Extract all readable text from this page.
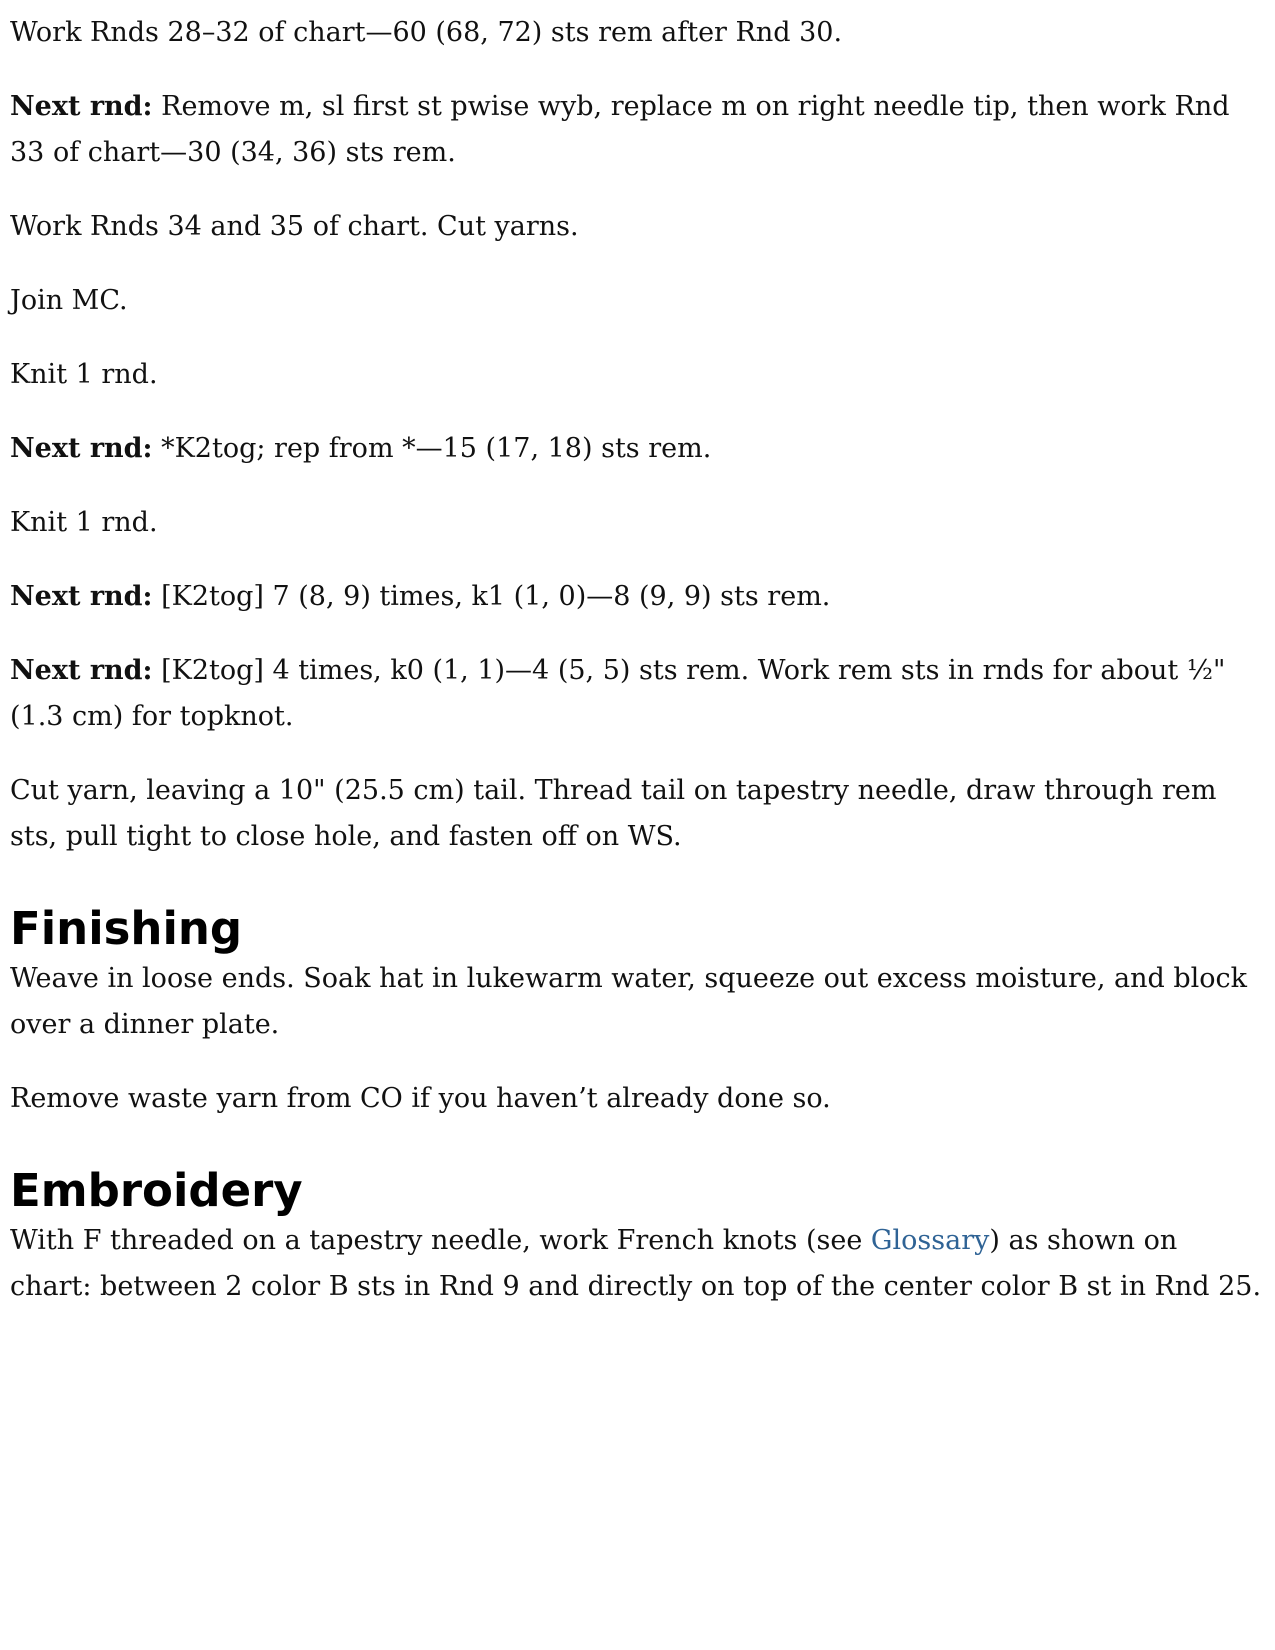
Work Rnds 28–32 of chart—60 (68, 72) sts rem after Rnd 30.

Next rnd: Remove m, sl first st pwise wyb, replace m on right needle tip, then work Rnd 33 of chart—30 (34, 36) sts rem.

Work Rnds 34 and 35 of chart. Cut yarns.

Join MC.

Knit 1 rnd.

Next rnd: *K2tog; rep from *—15 (17, 18) sts rem.

Knit 1 rnd.

Next rnd: [K2tog] 7 (8, 9) times, k1 (1, 0)—8 (9, 9) sts rem.

Next rnd: [K2tog] 4 times, k0 (1, 1)—4 (5, 5) sts rem. Work rem sts in rnds for about ½" (1.3 cm) for topknot.

Cut yarn, leaving a 10" (25.5 cm) tail. Thread tail on tapestry needle, draw through rem sts, pull tight to close hole, and fasten off on WS.

Finishing

Weave in loose ends. Soak hat in lukewarm water, squeeze out excess moisture, and block over a dinner plate.

Remove waste yarn from CO if you haven’t already done so.

Embroidery

With F threaded on a tapestry needle, work French knots (see Glossary) as shown on chart: between 2 color B sts in Rnd 9 and directly on top of the center color B st in Rnd 25.
